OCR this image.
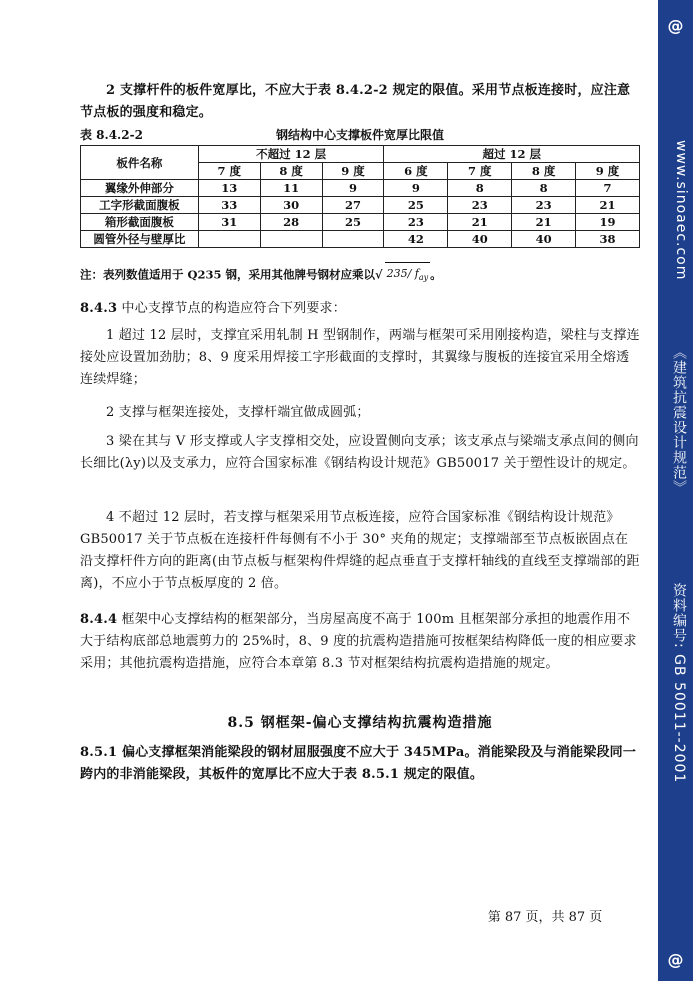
@
www.sinoaec.com
《建筑抗震设计规范》
资料编号: GB 50011--2001
@

2 支撑杆件的板件宽厚比，不应大于表 8.4.2-2 规定的限值。采用节点板连接时，应注意节点板的强度和稳定。

表 8.4.2-2	钢结构中心支撑板件宽厚比限值
板件名称	不超过 12 层			超过 12 层			
	7 度	8 度	9 度	6 度	7 度	8 度	9 度
翼缘外伸部分	13	11	9	9	8	8	7
工字形截面腹板	33	30	27	25	23	23	21
箱形截面腹板	31	28	25	23	21	21	19
圆管外径与壁厚比				42	40	40	38
注：表列数值适用于 Q235 钢，采用其他牌号钢材应乘以√ 235/ $f_{ay}$ 。

8.4.3 中心支撑节点的构造应符合下列要求：

1 超过 12 层时，支撑宜采用轧制 H 型钢制作，两端与框架可采用刚接构造，梁柱与支撑连接处应设置加劲肋；8、9 度采用焊接工字形截面的支撑时，其翼缘与腹板的连接宜采用全熔透连续焊缝；

2 支撑与框架连接处，支撑杆端宜做成圆弧；

3 梁在其与 V 形支撑或人字支撑相交处，应设置侧向支承；该支承点与梁端支承点间的侧向长细比(λy)以及支承力，应符合国家标准《钢结构设计规范》GB50017 关于塑性设计的规定。

4 不超过 12 层时，若支撑与框架采用节点板连接，应符合国家标准《钢结构设计规范》GB50017 关于节点板在连接杆件每侧有不小于 30° 夹角的规定；支撑端部至节点板嵌固点在沿支撑杆件方向的距离(由节点板与框架构件焊缝的起点垂直于支撑杆轴线的直线至支撑端部的距离)，不应小于节点板厚度的 2 倍。

8.4.4 框架中心支撑结构的框架部分，当房屋高度不高于 100m 且框架部分承担的地震作用不大于结构底部总地震剪力的 25%时，8、9 度的抗震构造措施可按框架结构降低一度的相应要求采用；其他抗震构造措施，应符合本章第 8.3 节对框架结构抗震构造措施的规定。

8.5 钢框架-偏心支撑结构抗震构造措施

8.5.1 偏心支撑框架消能梁段的钢材屈服强度不应大于 345MPa。消能梁段及与消能梁段同一跨内的非消能梁段，其板件的宽厚比不应大于表 8.5.1 规定的限值。

第 87 页，共 87 页
